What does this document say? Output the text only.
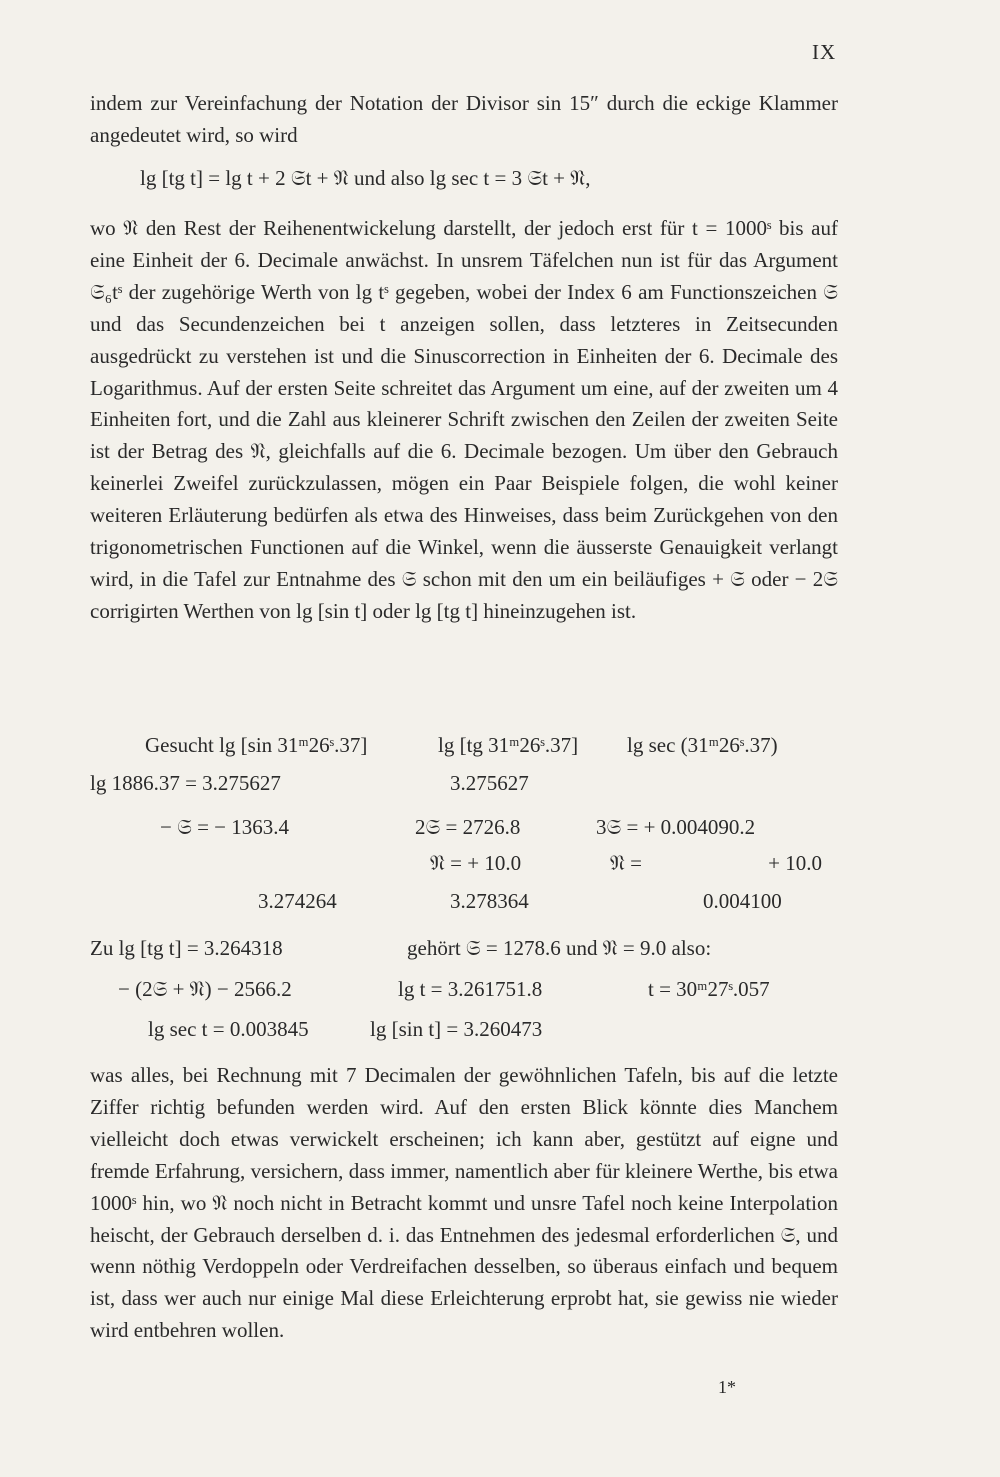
IX

indem zur Vereinfachung der Notation der Divisor sin 15″ durch die eckige Klammer angedeutet wird, so wird

lg [tg t] = lg t + 2 𝔖t + 𝔑 und also lg sec t = 3 𝔖t + 𝔑,

wo 𝔑 den Rest der Reihenentwickelung darstellt, der jedoch erst für t = 1000ˢ bis auf eine Einheit der 6. Decimale anwächst. In unsrem Täfelchen nun ist für das Argument 𝔖₆tˢ der zugehörige Werth von lg tˢ gegeben, wobei der Index 6 am Functionszeichen 𝔖 und das Secundenzeichen bei t anzeigen sollen, dass letzteres in Zeitsecunden ausgedrückt zu verstehen ist und die Sinuscorrection in Einheiten der 6. Decimale des Logarithmus. Auf der ersten Seite schreitet das Argument um eine, auf der zweiten um 4 Einheiten fort, und die Zahl aus kleinerer Schrift zwischen den Zeilen der zweiten Seite ist der Betrag des 𝔑, gleichfalls auf die 6. Decimale bezogen. Um über den Gebrauch keinerlei Zweifel zurückzulassen, mögen ein Paar Beispiele folgen, die wohl keiner weiteren Erläuterung bedürfen als etwa des Hinweises, dass beim Zurückgehen von den trigonometrischen Functionen auf die Winkel, wenn die äusserste Genauigkeit verlangt wird, in die Tafel zur Entnahme des 𝔖 schon mit den um ein beiläufiges + 𝔖 oder − 2𝔖 corrigirten Werthen von lg [sin t] oder lg [tg t] hineinzugehen ist.

Gesucht lg [sin 31ᵐ26ˢ.37]	lg [tg 31ᵐ26ˢ.37] lg sec (31ᵐ26ˢ.37)
lg 1886.37 = 3.275627	3.275627
− 𝔖 = − 1363.4	2𝔖 = 2726.8	3𝔖 = + 0.004090.2
𝔑 = + 10.0	𝔑 =	+ 10.0
3.274264	3.278364	0.004100
Zu lg [tg t] = 3.264318	gehört 𝔖 = 1278.6 und 𝔑 = 9.0 also:
− (2𝔖 + 𝔑) − 2566.2	lg t = 3.261751.8	t = 30ᵐ27ˢ.057
lg sec t = 0.003845	lg [sin t] = 3.260473

was alles, bei Rechnung mit 7 Decimalen der gewöhnlichen Tafeln, bis auf die letzte Ziffer richtig befunden werden wird. Auf den ersten Blick könnte dies Manchem vielleicht doch etwas verwickelt erscheinen; ich kann aber, gestützt auf eigne und fremde Erfahrung, versichern, dass immer, namentlich aber für kleinere Werthe, bis etwa 1000ˢ hin, wo 𝔑 noch nicht in Betracht kommt und unsre Tafel noch keine Interpolation heischt, der Gebrauch derselben d. i. das Entnehmen des jedesmal erforderlichen 𝔖, und wenn nöthig Verdoppeln oder Verdreifachen desselben, so überaus einfach und bequem ist, dass wer auch nur einige Mal diese Erleichterung erprobt hat, sie gewiss nie wieder wird entbehren wollen.

1*
